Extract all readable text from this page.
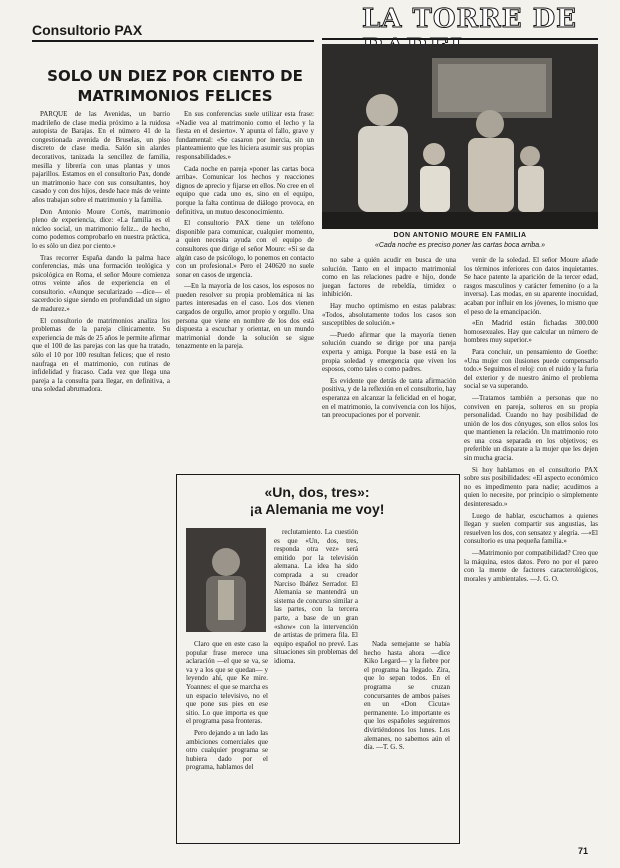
Consultorio PAX	LA TORRE DE
SOLO UN DIEZ POR CIENTO DE MATRIMONIOS FELICES
DON ANTONIO MOURE EN FAMILIA
«Cada noche es preciso poner las cartas boca arriba.»

PARQUE de las Avenidas, un barrio madrileño de clase media próximo a la ruidosa autopista de Barajas. En el número 41 de la congestionada avenida de Bruselas, un piso discreto de clase media. Salón sin alardes decorativos, tanizada la sencillez de familia, mesilla y librería con unas plantas y unos pajarillos. Estamos en el consultorio Pax, donde un matrimonio hace con sus consultantes, hoy casado y con dos hijos, desde hace más de veinte años trabajan sobre el matrimonio y la familia.

Don Antonio Moure Cortés, matrimonio pleno de experiencia, dice: «La familia es el núcleo social, un matrimonio feliz... de hecho, como podemos comprobarlo en nuestra práctica, lo es sólo un diez por ciento.»

Tras recorrer España dando la palma hace conferencias, más una formación teológica y psicológica en Roma, el señor Moure comienza otros veinte años de experiencia en el consultorio. «Aunque secularizado —dice— el sacerdocio sigue siendo en profundidad un signo de madurez.»

El consultorio de matrimonios analiza los problemas de la pareja clínicamente. Su experiencia de más de 25 años le permite afirmar que el 100 de las parejas con las que ha tratado, sólo el 10 por 100 resultan felices; que el resto naufraga en el matrimonio, con rutinas de infidelidad y fracaso. Cada vez que llega una pareja a la consulta para llegar, en definitiva, a una soledad abrumadora.

En sus conferencias suele utilizar esta frase: «Nadie vea al matrimonio como el lecho y la fiesta en el desierto». Y apunta el fallo, grave y fundamental: «Se casaron por inercia, sin un planteamiento que les hiciera asumir sus propias responsabilidades.»

Cada noche en pareja «poner las cartas boca arriba». Comunicar los hechos y reacciones dignos de aprecio y fijarse en ellos. No cree en el equipo que cada uno es, sino en el equipo, porque la falta continua de diálogo provoca, en definitiva, un mutuo desconocimiento.

El consultorio PAX tiene un teléfono disponible para comunicar, cualquier momento, a quien necesita ayuda con el equipo de consultores que dirige el señor Moure: «Si se da algún caso de psicólogo, lo ponemos en contacto con un profesional.» Pero el 240620 no suele sonar en casos de urgencia.

—En la mayoría de los casos, los esposos no pueden resolver su propia problemática ni las partes interesadas en el caso. Los dos vienen cargados de orgullo, amor propio y orgullo. Una persona que viene en nombre de los dos está dispuesta a escuchar y orientar, en un mundo matrimonial donde la solución se sigue tenazmente en la pareja.

no sabe a quién acudir en busca de una solución. Tanto en el impacto matrimonial como en las relaciones padre e hijo, donde juegan factores de rebeldía, timidez o inhibición.

Hay mucho optimismo en estas palabras: «Todos, absolutamente todos los casos son susceptibles de solución.»

—Puedo afirmar que la mayoría tienen solución cuando se dirige por una pareja experta y amiga. Porque la base está en la propia soledad y emergencia que viven los esposos, como tales o como padres.

Es evidente que detrás de tanta afirmación positiva, y de la reflexión en el consultorio, hay esperanza en alcanzar la felicidad en el hogar, en el matrimonio, la convivencia con los hijos, tan preocupaciones por el porvenir.

venir de la soledad. El señor Moure añade los términos inferiores con datos inquietantes. Se hace patente la aparición de la tercer edad, rasgos masculinos y carácter femenino (o a la inversa). Las modas, en su aparente inocuidad, acaban por influir en los jóvenes, lo mismo que el peso de la emancipación.

«En Madrid están fichadas 300.000 homosexuales. Hay que calcular un número de hombres muy superior.»

Para concluir, un pensamiento de Goethe: «Una mujer con ilusiones puede compensarlo todo.» Seguimos el reloj: con el ruido y la furia del exterior y de nuestro ánimo el problema social se va superando.

—Tratamos también a personas que no conviven en pareja, solteros en su propia personalidad. Cuando no hay posibilidad de unión de los dos cónyuges, son ellos solos los que mantienen la relación. Un matrimonio roto es una cosa separada en los objetivos; es preferible un disparate a la mujer que les dejen sin mucha gracia.

Si hoy hablamos en el consultorio PAX sobre sus posibilidades: «El aspecto económico no es impedimento para nadie; acudimos a quien lo necesite, por principio o simplemente desinteresado.»

Luego de hablar, escuchamos a quienes llegan y suelen compartir sus angustias, las resuelven los dos, con sensatez y alegría. —«El consultorio es una pequeña familia.»

—Matrimonio por compatibilidad? Creo que la máquina, estos datos. Pero no por el pareo con la mente de factores caracterológicos, morales y ambientales. —J. G. O.

«Un, dos, tres»:
¡a Alemania me voy!

Claro que en este caso la popular frase merece una aclaración —el que se va, se va y a los que se quedan— y leyendo ahí, que Ke mire. Yoannes: el que se marcha es un espacio televisivo, no el que pone sus pies en ese sitio. Lo que importa es que el programa pasa fronteras.

Pero dejando a un lado las ambiciones comerciales que otro cualquier programa se hubiera dado por el programa, hablamos del

reclutamiento. La cuestión es que «Un, dos, tres, responda otra vez» será emitido por la televisión alemana. La idea ha sido comprada a su creador Narciso Ibáñez Serrador. El Alemania se mantendrá un sistema de concurso similar a las partes, con la tercera parte, a base de un gran «show» con la intervención de artistas de primera fila. El equipo español no prevé. Las situaciones sin problemas del idioma.

Nada semejante se había hecho hasta ahora —dice Kiko Legard— y la fiebre por el programa ha llegado. Zira, que lo sepan todos. En el programa se cruzan concursantes de ambos países en un «Don Cicuta» permanente. Lo importante es que los españoles seguiremos divirtiéndonos los lunes. Los alemanes, no sabemos aún el día. —T. G. S.

71
